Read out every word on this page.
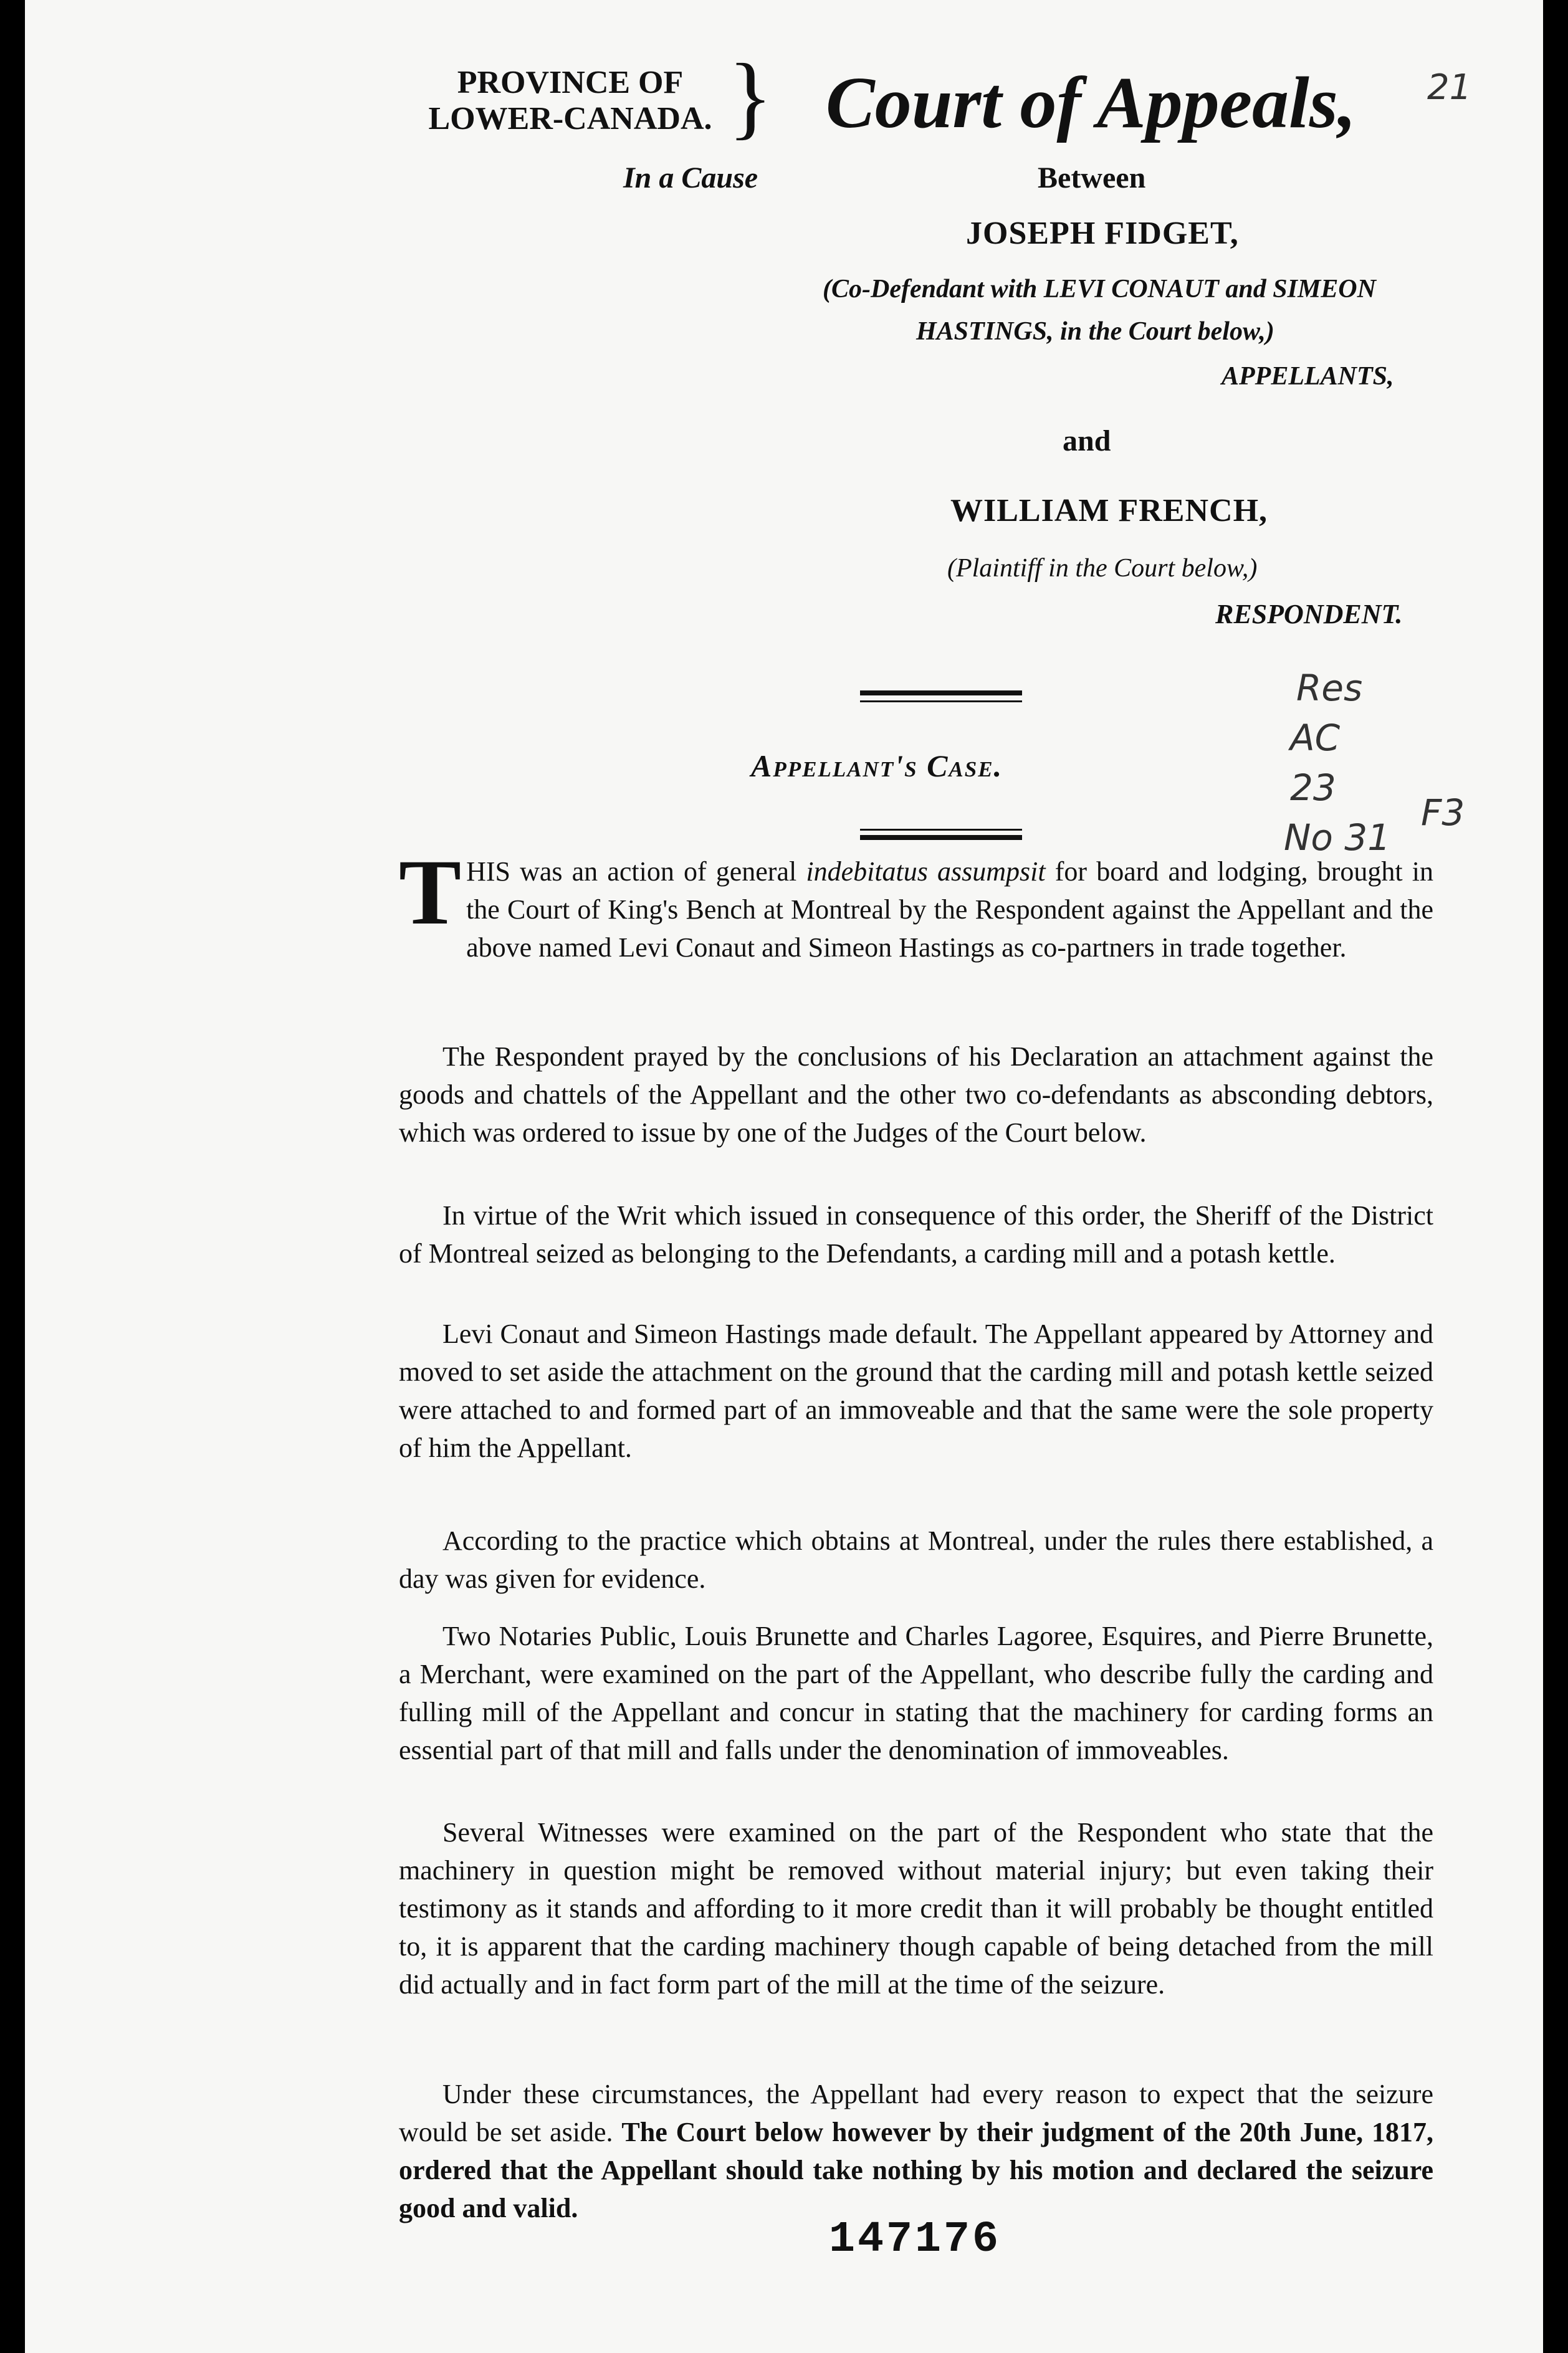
PROVINCE OF
LOWER-CANADA. } Court of Appeals,
In a Cause	Between
JOSEPH FIDGET,
(Co-Defendant with LEVI CONAUT and SIMEON
HASTINGS, in the Court below,)
APPELLANTS,
and
WILLIAM FRENCH,
(Plaintiff in the Court below,)
RESPONDENT.
Appellant's Case.
T HIS was an action of general indebitatus assumpsit for board and lodging, brought in the Court of King's Bench at Montreal by the Respondent against the Appellant and the above named Levi Conaut and Simeon Hastings as co-partners in trade together.
The Respondent prayed by the conclusions of his Declaration an attachment against the goods and chattels of the Appellant and the other two co-defendants as absconding debtors, which was ordered to issue by one of the Judges of the Court below.
In virtue of the Writ which issued in consequence of this order, the Sheriff of the District of Montreal seized as belonging to the Defendants, a carding mill and a potash kettle.
Levi Conaut and Simeon Hastings made default. The Appellant appeared by Attorney and moved to set aside the attachment on the ground that the carding mill and potash kettle seized were attached to and formed part of an immoveable and that the same were the sole property of him the Appellant.
According to the practice which obtains at Montreal, under the rules there established, a day was given for evidence.
Two Notaries Public, Louis Brunette and Charles Lagoree, Esquires, and Pierre Brunette, a Merchant, were examined on the part of the Appellant, who describe fully the carding and fulling mill of the Appellant and concur in stating that the machinery for carding forms an essential part of that mill and falls under the denomination of immoveables.
Several Witnesses were examined on the part of the Respondent who state that the machinery in question might be removed without material injury; but even taking their testimony as it stands and affording to it more credit than it will probably be thought entitled to, it is apparent that the carding machinery though capable of being detached from the mill did actually and in fact form part of the mill at the time of the seizure.
Under these circumstances, the Appellant had every reason to expect that the seizure would be set aside. The Court below however by their judgment of the 20th June, 1817, ordered that the Appellant should take nothing by his motion and declared the seizure good and valid.
147176
21
Res
AC
23
No 31
F3
